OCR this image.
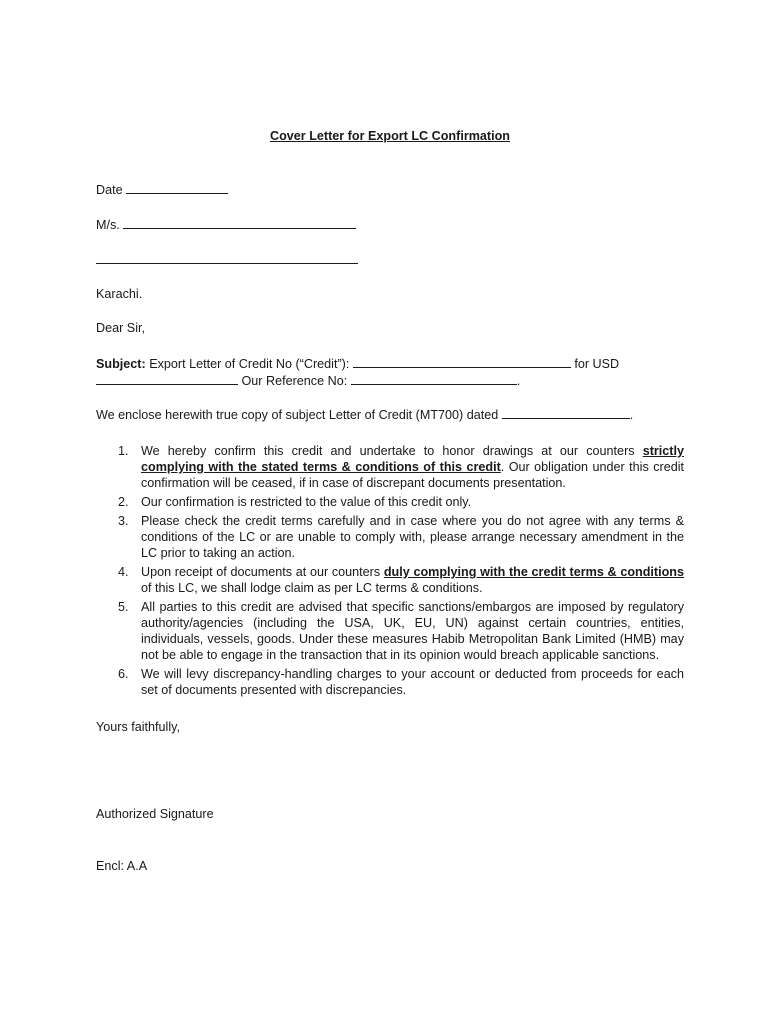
Cover Letter for Export LC Confirmation
Date
M/s.
Karachi.
Dear Sir,
Subject: Export Letter of Credit No (“Credit”):	for USD
Our Reference No:	.
We enclose herewith true copy of subject Letter of Credit (MT700) dated	.
1. We hereby confirm this credit and undertake to honor drawings at our counters strictly complying with the stated terms & conditions of this credit. Our obligation under this credit confirmation will be ceased, if in case of discrepant documents presentation.
2. Our confirmation is restricted to the value of this credit only.
3. Please check the credit terms carefully and in case where you do not agree with any terms & conditions of the LC or are unable to comply with, please arrange necessary amendment in the LC prior to taking an action.
4. Upon receipt of documents at our counters duly complying with the credit terms & conditions of this LC, we shall lodge claim as per LC terms & conditions.
5. All parties to this credit are advised that specific sanctions/embargos are imposed by regulatory authority/agencies (including the USA, UK, EU, UN) against certain countries, entities, individuals, vessels, goods. Under these measures Habib Metropolitan Bank Limited (HMB) may not be able to engage in the transaction that in its opinion would breach applicable sanctions.
6. We will levy discrepancy-handling charges to your account or deducted from proceeds for each set of documents presented with discrepancies.
Yours faithfully,
Authorized Signature
Encl: A.A
